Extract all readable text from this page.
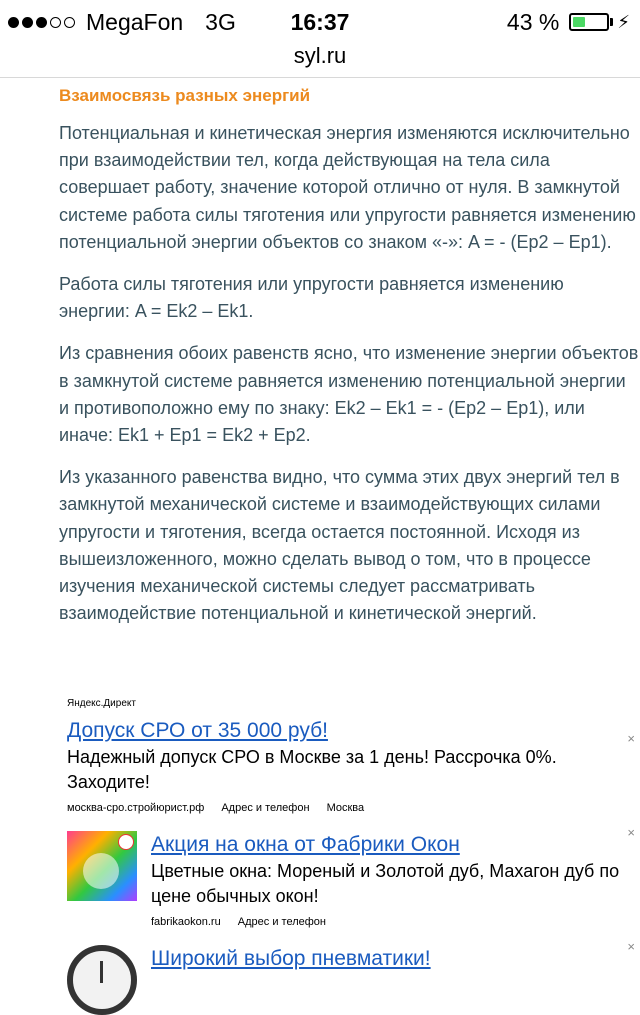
MegaFon 3G	16:37	43 %	⚡
syl.ru
Взаимосвязь разных энергий

Потенциальная и кинетическая энергия изменяются исключительно при взаимодействии тел, когда действующая на тела сила совершает работу, значение которой отлично от нуля. В замкнутой системе работа силы тяготения или упругости равняется изменению потенциальной энергии объектов со знаком «-»: A = - (Ep2 – Ep1).

Работа силы тяготения или упругости равняется изменению энергии: A = Ek2 – Ek1.

Из сравнения обоих равенств ясно, что изменение энергии объектов в замкнутой системе равняется изменению потенциальной энергии и противоположно ему по знаку: Ek2 – Ek1 = - (Ep2 – Ep1), или иначе: Ek1 + Ep1 = Ek2 + Ep2.

Из указанного равенства видно, что сумма этих двух энергий тел в замкнутой механической системе и взаимодействующих силами упругости и тяготения, всегда остается постоянной. Исходя из вышеизложенного, можно сделать вывод о том, что в процессе изучения механической системы следует рассматривать взаимодействие потенциальной и кинетической энергий.

Яндекс.Директ
×
Допуск СРО от 35 000 руб!
Надежный допуск СРО в Москве за 1 день! Рассрочка 0%. Заходите!
москва-сро.стройюрист.рф Адрес и телефон Москва
×
Акция на окна от Фабрики Окон
Цветные окна: Мореный и Золотой дуб, Махагон дуб по цене обычных окон!
fabrikaokon.ru Адрес и телефон
×
Широкий выбор пневматики!
